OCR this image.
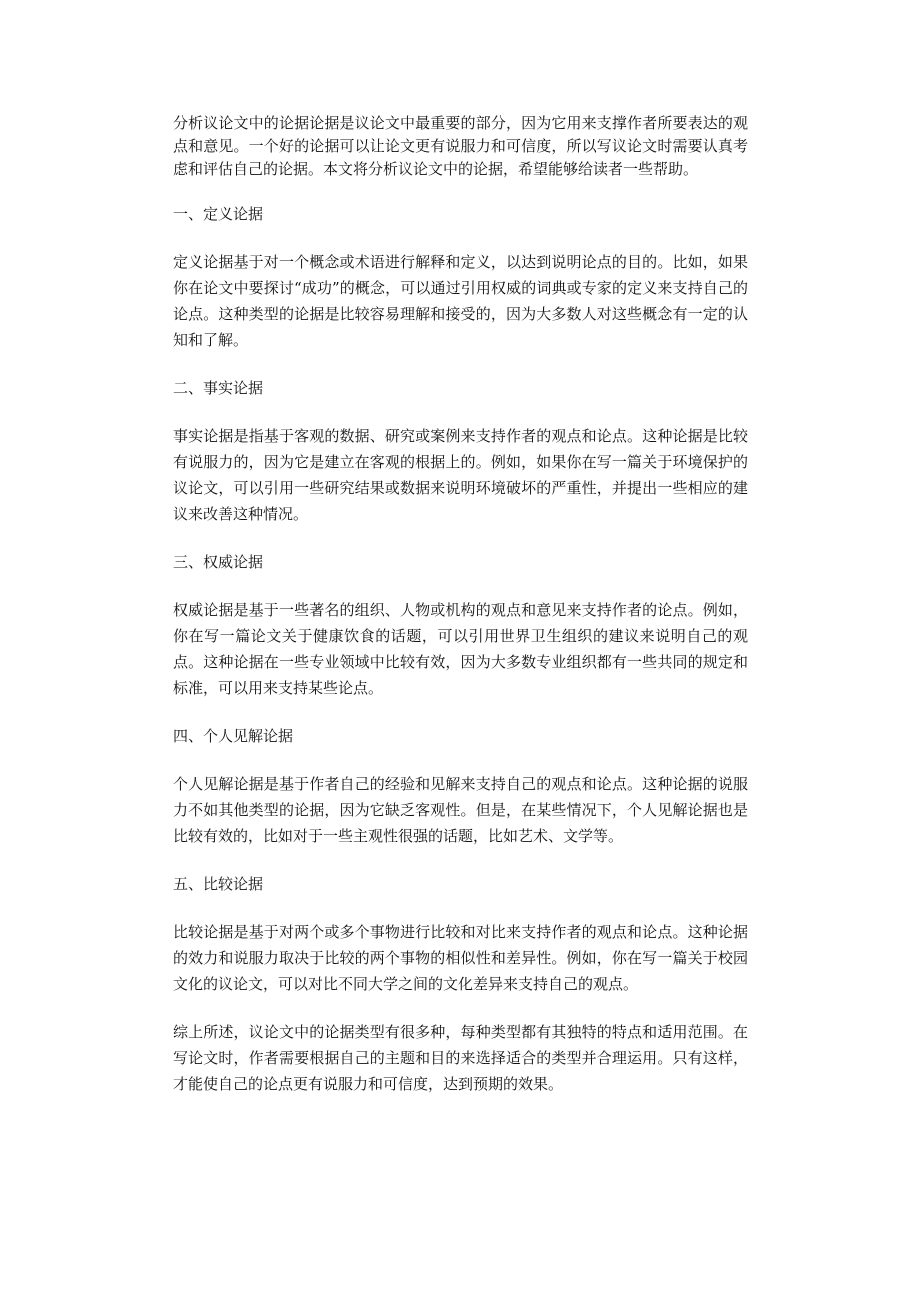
分析议论文中的论据论据是议论文中最重要的部分，因为它用来支撑作者所要表达的观点和意见。一个好的论据可以让论文更有说服力和可信度，所以写议论文时需要认真考虑和评估自己的论据。本文将分析议论文中的论据，希望能够给读者一些帮助。

一、定义论据

定义论据基于对一个概念或术语进行解释和定义，以达到说明论点的目的。比如，如果你在论文中要探讨“成功”的概念，可以通过引用权威的词典或专家的定义来支持自己的论点。这种类型的论据是比较容易理解和接受的，因为大多数人对这些概念有一定的认知和了解。

二、事实论据

事实论据是指基于客观的数据、研究或案例来支持作者的观点和论点。这种论据是比较有说服力的，因为它是建立在客观的根据上的。例如，如果你在写一篇关于环境保护的议论文，可以引用一些研究结果或数据来说明环境破坏的严重性，并提出一些相应的建议来改善这种情况。

三、权威论据

权威论据是基于一些著名的组织、人物或机构的观点和意见来支持作者的论点。例如，你在写一篇论文关于健康饮食的话题，可以引用世界卫生组织的建议来说明自己的观点。这种论据在一些专业领域中比较有效，因为大多数专业组织都有一些共同的规定和标准，可以用来支持某些论点。

四、个人见解论据

个人见解论据是基于作者自己的经验和见解来支持自己的观点和论点。这种论据的说服力不如其他类型的论据，因为它缺乏客观性。但是，在某些情况下，个人见解论据也是比较有效的，比如对于一些主观性很强的话题，比如艺术、文学等。

五、比较论据

比较论据是基于对两个或多个事物进行比较和对比来支持作者的观点和论点。这种论据的效力和说服力取决于比较的两个事物的相似性和差异性。例如，你在写一篇关于校园文化的议论文，可以对比不同大学之间的文化差异来支持自己的观点。

综上所述，议论文中的论据类型有很多种，每种类型都有其独特的特点和适用范围。在写论文时，作者需要根据自己的主题和目的来选择适合的类型并合理运用。只有这样，才能使自己的论点更有说服力和可信度，达到预期的效果。
